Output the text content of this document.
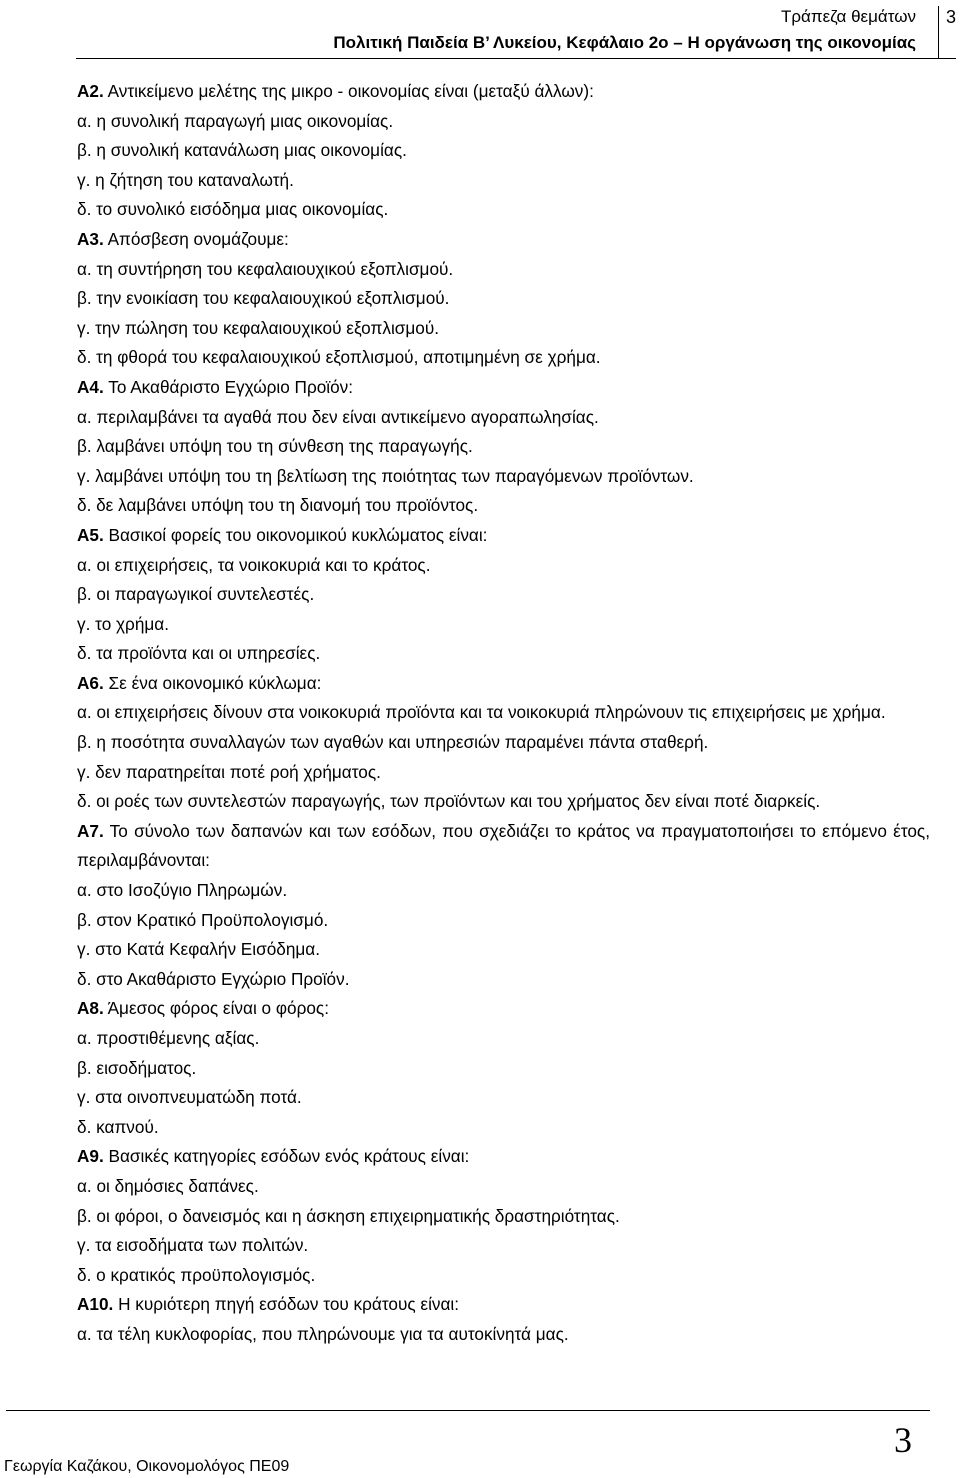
Τράπεζα θεμάτων
Πολιτική Παιδεία Β’ Λυκείου, Κεφάλαιο 2ο – Η οργάνωση της οικονομίας
3
Α2. Αντικείμενο μελέτης της μικρο - οικονομίας είναι (μεταξύ άλλων):
α. η συνολική παραγωγή μιας οικονομίας.
β. η συνολική κατανάλωση μιας οικονομίας.
γ. η ζήτηση του καταναλωτή.
δ. το συνολικό εισόδημα μιας οικονομίας.
Α3. Απόσβεση ονομάζουμε:
α. τη συντήρηση του κεφαλαιουχικού εξοπλισμού.
β. την ενοικίαση του κεφαλαιουχικού εξοπλισμού.
γ. την πώληση του κεφαλαιουχικού εξοπλισμού.
δ. τη φθορά του κεφαλαιουχικού εξοπλισμού, αποτιμημένη σε χρήμα.
Α4. Το Ακαθάριστο Εγχώριο Προϊόν:
α. περιλαμβάνει τα αγαθά που δεν είναι αντικείμενο αγοραπωλησίας.
β. λαμβάνει υπόψη του τη σύνθεση της παραγωγής.
γ. λαμβάνει υπόψη του τη βελτίωση της ποιότητας των παραγόμενων προϊόντων.
δ. δε λαμβάνει υπόψη του τη διανομή του προϊόντος.
Α5. Βασικοί φορείς του οικονομικού κυκλώματος είναι:
α. οι επιχειρήσεις, τα νοικοκυριά και το κράτος.
β. οι παραγωγικοί συντελεστές.
γ. το χρήμα.
δ. τα προϊόντα και οι υπηρεσίες.
Α6. Σε ένα οικονομικό κύκλωμα:
α. οι επιχειρήσεις δίνουν στα νοικοκυριά προϊόντα και τα νοικοκυριά πληρώνουν τις επιχειρήσεις με χρήμα.
β. η ποσότητα συναλλαγών των αγαθών και υπηρεσιών παραμένει πάντα σταθερή.
γ. δεν παρατηρείται ποτέ ροή χρήματος.
δ. οι ροές των συντελεστών παραγωγής, των προϊόντων και του χρήματος δεν είναι ποτέ διαρκείς.
Α7. Το σύνολο των δαπανών και των εσόδων, που σχεδιάζει το κράτος να πραγματοποιήσει το επόμενο έτος, περιλαμβάνονται:
α. στο Ισοζύγιο Πληρωμών.
β. στον Κρατικό Προϋπολογισμό.
γ. στο Κατά Κεφαλήν Εισόδημα.
δ. στο Ακαθάριστο Εγχώριο Προϊόν.
Α8. Άμεσος φόρος είναι ο φόρος:
α. προστιθέμενης αξίας.
β. εισοδήματος.
γ. στα οινοπνευματώδη ποτά.
δ. καπνού.
Α9. Βασικές κατηγορίες εσόδων ενός κράτους είναι:
α. οι δημόσιες δαπάνες.
β. οι φόροι, ο δανεισμός και η άσκηση επιχειρηματικής δραστηριότητας.
γ. τα εισοδήματα των πολιτών.
δ. ο κρατικός προϋπολογισμός.
Α10. Η κυριότερη πηγή εσόδων του κράτους είναι:
α. τα τέλη κυκλοφορίας, που πληρώνουμε για τα αυτοκίνητά μας.
3
Γεωργία Καζάκου, Οικονομολόγος ΠΕ09
